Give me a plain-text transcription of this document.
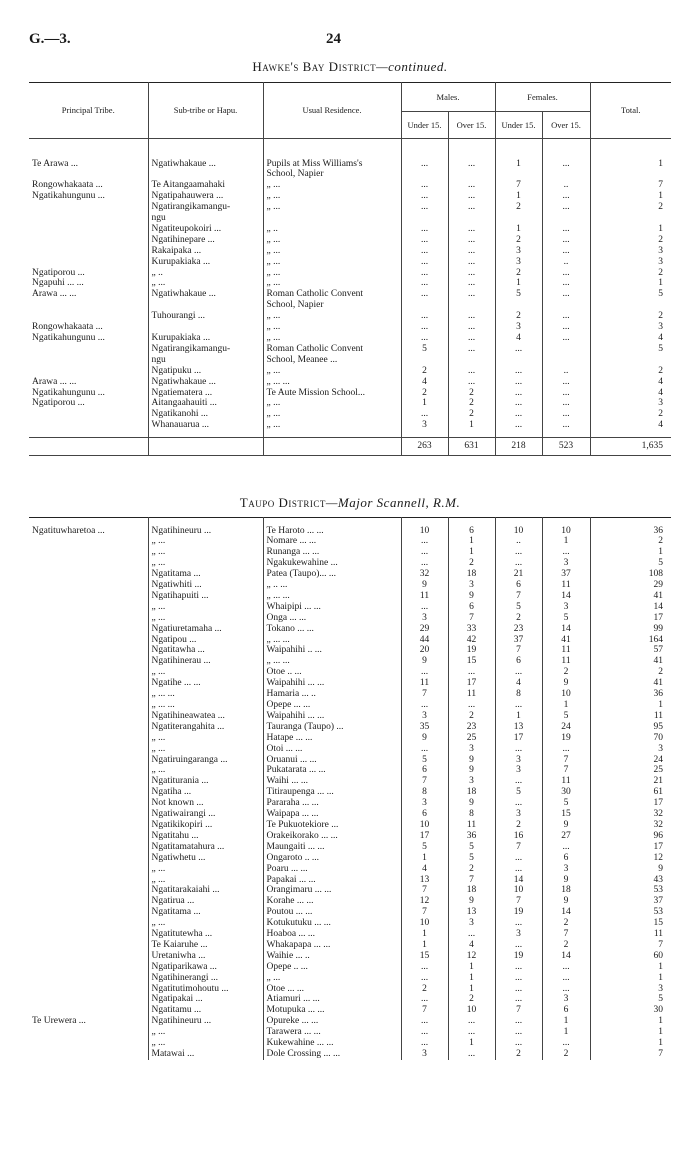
G.—3.	24
Hawke's Bay District—continued.
Principal Tribe.	Sub-tribe or Hapu.	Usual Residence.	Males.		Females.		Total.
			Under 15.	Over 15.	Under 15.	Over 15.	

Te Arawa ...	Ngatiwhakaue ...	Pupils at Miss Williams's	...	...	1	...	1
		School, Napier					

Rongowhakaata ...	Te Aitangaamahaki	„ ...	...	...	7	..	7
Ngatikahungunu ...	Ngatipahauwera ...	„ ...	...	...	1	...	1
	Ngatirangikamangu-	„ ...	...	...	2	...	2
	ngu						
	Ngatiteupokoiri ...	„ ..	...	...	1	...	1
	Ngatihinepare ...	„ ...	...	...	2	...	2
	Rakaipaka ...	„ ...	...	...	3	...	3
	Kurupakiaka ...	„ ...	...	...	3	..	3
Ngatiporou ...	„ ..	„ ...	...	...	2	...	2
Ngapuhi ... ...	„ ...	„ ...	...	...	1	...	1
Arawa ... ...	Ngatiwhakaue ...	Roman Catholic Convent	...	...	5	...	5
		School, Napier					
	Tuhourangi ...	„ ...	...	...	2	...	2
Rongowhakaata ...		„ ...	...	...	3	...	3
Ngatikahungunu ...	Kurupakiaka ...	„ ...	...	...	4	...	4
	Ngatirangikamangu-	Roman Catholic Convent	5	...	...		5
	ngu	School, Meanee ...					
	Ngatipuku ...	„ ...	2	...	...	..	2
Arawa ... ...	Ngatiwhakaue ...	„ ... ...	4	...	...	...	4
Ngatikahungunu ...	Ngatiematera ...	Te Aute Mission School...	2	2	...	...	4
Ngatiporou ...	Aitangaahauiti ...	„ ...	1	2	...	...	3
	Ngatikanohi ...	„ ...	...	2	...	...	2
	Whanauarua ...	„ ...	3	1	...	...	4

			263	631	218	523	1,635
Taupo District—Major Scannell, R.M.

Ngatituwharetoa ...	Ngatihineuru ...	Te Haroto ... ...	10	6	10	10	36
	„ ...	Nomare ... ...	...	1	..	1	2
	„ ...	Runanga ... ...	...	1	...	...	1
	„ ...	Ngakukewahine ...	...	2	...	3	5
	Ngatitama ...	Patea (Taupo)... ...	32	18	21	37	108
	Ngatiwhiti ...	„ .. ...	9	3	6	11	29
	Ngatihapuiti ...	„ ... ...	11	9	7	14	41
	„ ...	Whaipipi ... ...	...	6	5	3	14
	„ ...	Onga ... ...	3	7	2	5	17
	Ngatiuretamaha ...	Tokano ... ...	29	33	23	14	99
	Ngatipou ...	„ ... ...	44	42	37	41	164
	Ngatitawha ...	Waipahihi .. ...	20	19	7	11	57
	Ngatihinerau ...	„ ... ...	9	15	6	11	41
	„ ...	Otoe .. ...	...	...	...	2	2
	Ngatihe ... ...	Waipahihi ... ...	11	17	4	9	41
	„ ... ...	Hamaria ... ..	7	11	8	10	36
	„ ... ...	Opepe ... ...	...	...	...	1	1
	Ngatihineawatea ...	Waipahihi ... ...	3	2	1	5	11
	Ngatiterangahita ...	Tauranga (Taupo) ...	35	23	13	24	95
	„ ...	Hatape ... ...	9	25	17	19	70
	„ ...	Otoi ... ...	...	3	...	...	3
	Ngatiruingaranga ...	Oruanui ... ...	5	9	3	7	24
	„ ...	Pukatarata ... ...	6	9	3	7	25
	Ngatiturania ...	Waihi ... ...	7	3	...	11	21
	Ngatiha ...	Titiraupenga ... ...	8	18	5	30	61
	Not known ...	Pararaha ... ...	3	9	...	5	17
	Ngatiwairangi ...	Waipapa ... ...	6	8	3	15	32
	Ngatikikopiri ...	Te Pukuotekiore ...	10	11	2	9	32
	Ngatitahu ...	Orakeikorako ... ...	17	36	16	27	96
	Ngatitamatahura ...	Maungaiti ... ...	5	5	7	...	17
	Ngatiwhetu ...	Ongaroto .. ...	1	5	...	6	12
	„ ...	Poaru ... ...	4	2	...	3	9
	„ ...	Papakai ... ...	13	7	14	9	43
	Ngatitarakaiahi ...	Orangimaru ... ...	7	18	10	18	53
	Ngatirua ...	Korahe ... ...	12	9	7	9	37
	Ngatitama ...	Poutou ... ...	7	13	19	14	53
	„ ...	Kotukutuku ... ...	10	3	...	2	15
	Ngatitutewha ...	Hoaboa ... ...	1	...	3	7	11
	Te Kaiaruhe ...	Whakapapa ... ...	1	4	...	2	7
	Uretaniwha ...	Waihie ... ..	15	12	19	14	60
	Ngatiparikawa ...	Opepe .. ...	...	1	...	...	1
	Ngatihinerangi ...	„ ...	...	1	...	...	1
	Ngatitutimohoutu ...	Otoe ... ...	2	1	...	...	3
	Ngatipakai ...	Atiamuri ... ...	...	2	...	3	5
	Ngatitamu ...	Motupuka ... ...	7	10	7	6	30
Te Urewera ...	Ngatihineuru ...	Opureke ... ...	...	...	...	1	1
	„ ...	Tarawera ... ...	...	...	...	1	1
	„ ...	Kukewahine ... ...	...	1	...	...	1
	Matawai ...	Dole Crossing ... ...	3	...	2	2	7
